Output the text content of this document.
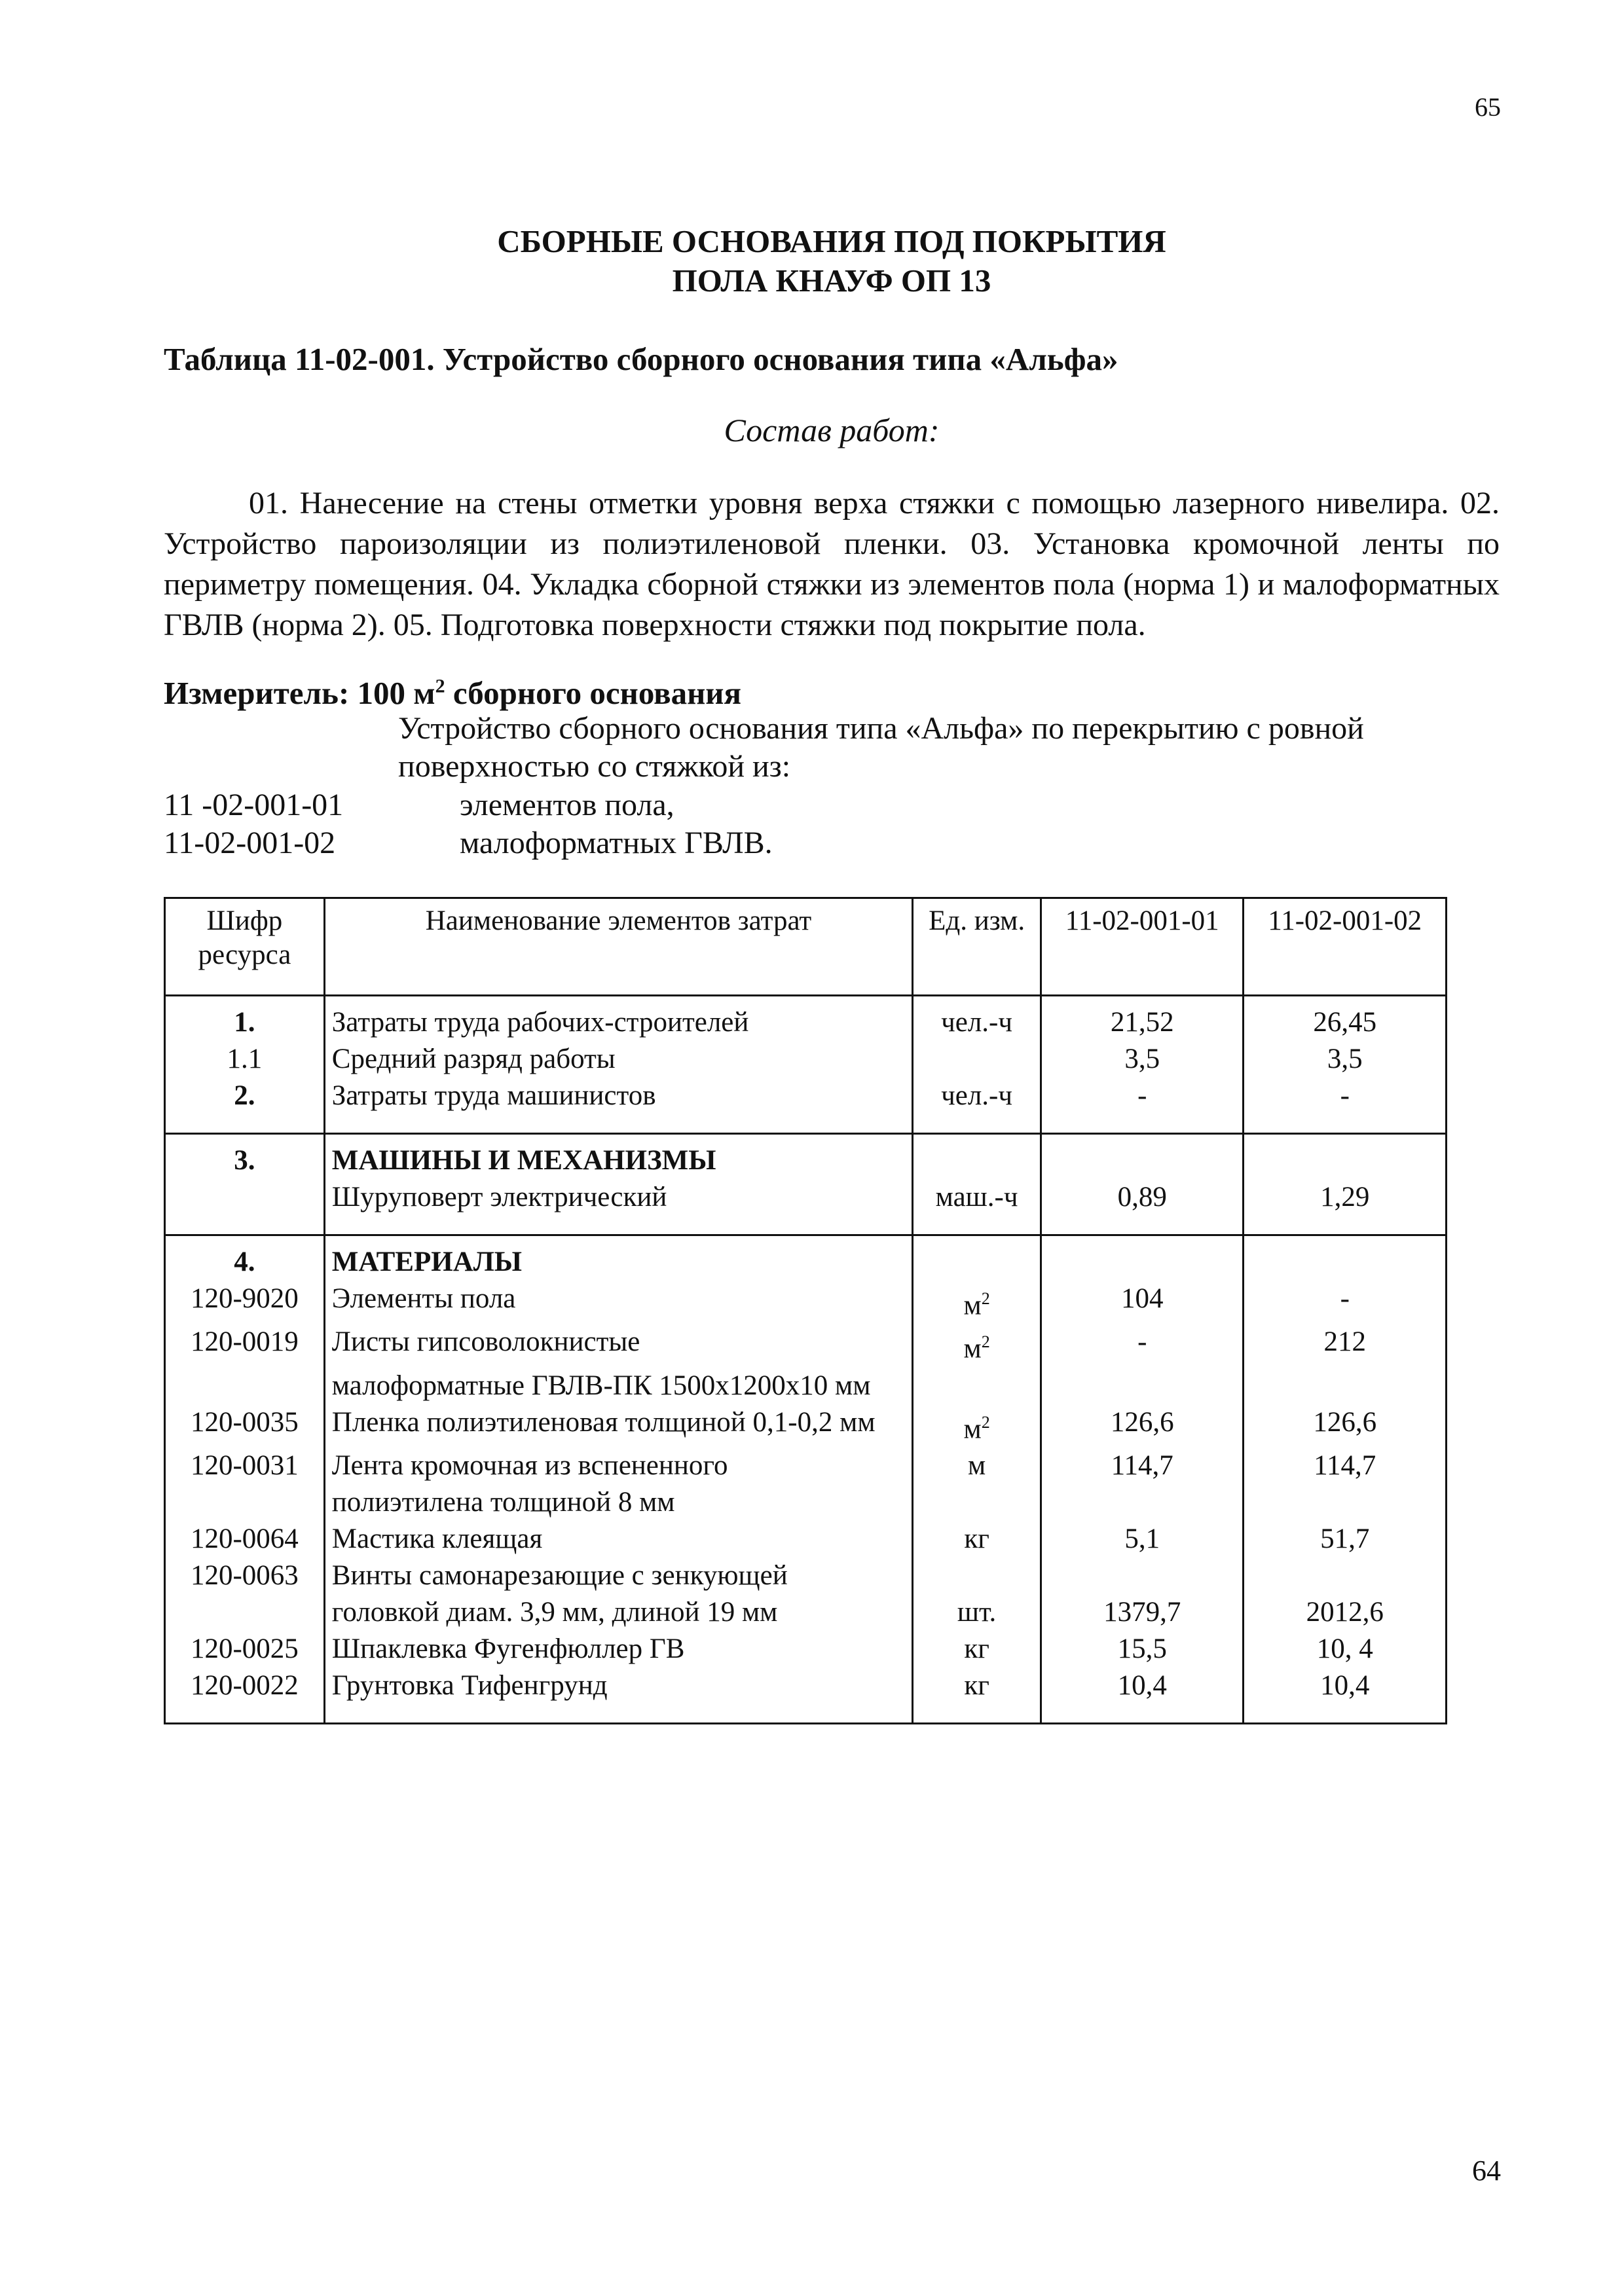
65
СБОРНЫЕ ОСНОВАНИЯ ПОД ПОКРЫТИЯ
ПОЛА КНАУФ ОП 13
Таблица 11-02-001. Устройство сборного основания типа «Альфа»
Состав работ:
01. Нанесение на стены отметки уровня верха стяжки с помощью лазерного нивелира. 02. Устройство пароизоляции из полиэтиленовой пленки. 03. Установка кромочной ленты по периметру помещения. 04. Укладка сборной стяжки из элементов пола (норма 1) и малоформатных ГВЛВ (норма 2). 05. Подготовка поверхности стяжки под покрытие пола.
Измеритель: 100 $м^2$ сборного основания
Устройство сборного основания типа «Альфа» по перекрытию с ровной поверхностью со стяжкой из:
11 -02-001-01	элементов пола,
11-02-001-02	малоформатных ГВЛВ.
Шифр ресурса	Наименование элементов затрат	Ед. изм.	11-02-001-01	11-02-001-02
1.	Затраты труда рабочих-строителей	чел.-ч	21,52	26,45
1.1	Средний разряд работы		3,5	3,5
2.	Затраты труда машинистов	чел.-ч	-	-
3.	МАШИНЫ И МЕХАНИЗМЫ			
	Шуруповерт электрический	маш.-ч	0,89	1,29
4.	МАТЕРИАЛЫ			
120-9020	Элементы пола	$м^2$	104	-
120-0019	Листы гипсоволокнистые	$м^2$	-	212
	малоформатные ГВЛВ-ПК 1500х1200х10 мм			
120-0035	Пленка полиэтиленовая толщиной 0,1-0,2 мм	$м^2$	126,6	126,6
120-0031	Лента кромочная из вспененного	м	114,7	114,7
	полиэтилена толщиной 8 мм			
120-0064	Мастика клеящая	кг	5,1	51,7
120-0063	Винты самонарезающие с зенкующей			
	головкой диам. 3,9 мм, длиной 19 мм	шт.	1379,7	2012,6
120-0025	Шпаклевка Фугенфюллер ГВ	кг	15,5	10, 4
120-0022	Грунтовка Тифенгрунд	кг	10,4	10,4
64
